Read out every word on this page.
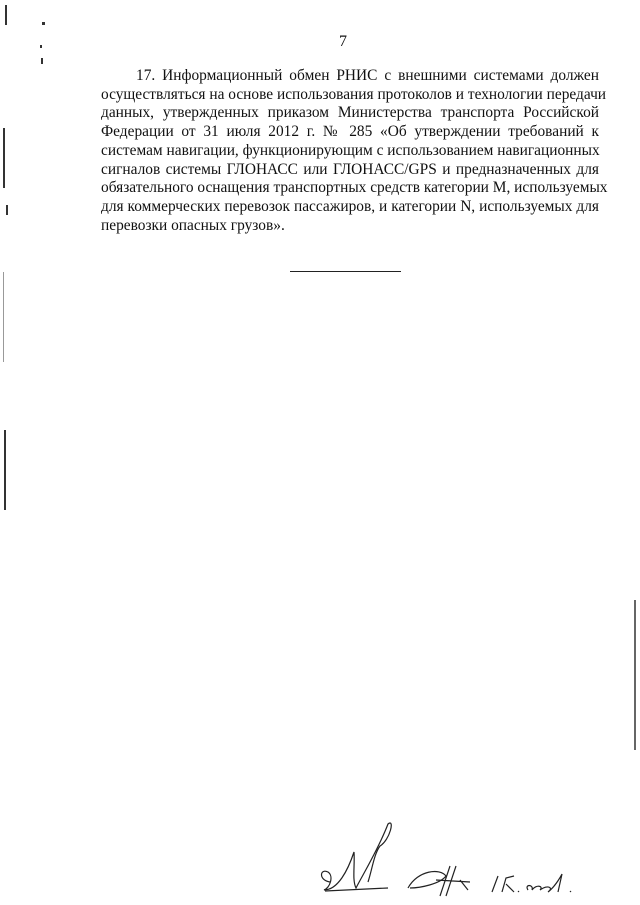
7
17. Информационный обмен РНИС с внешними системами должен
осуществляться на основе использования протоколов и технологии передачи
данных, утвержденных приказом Министерства транспорта Российской
Федерации от 31 июля 2012 г. № 285 «Об утверждении требований к
системам навигации, функционирующим с использованием навигационных
сигналов системы ГЛОНАСС или ГЛОНАСС/GPS и предназначенных для
обязательного оснащения транспортных средств категории M, используемых
для коммерческих перевозок пассажиров, и категории N, используемых для
перевозки опасных грузов».
